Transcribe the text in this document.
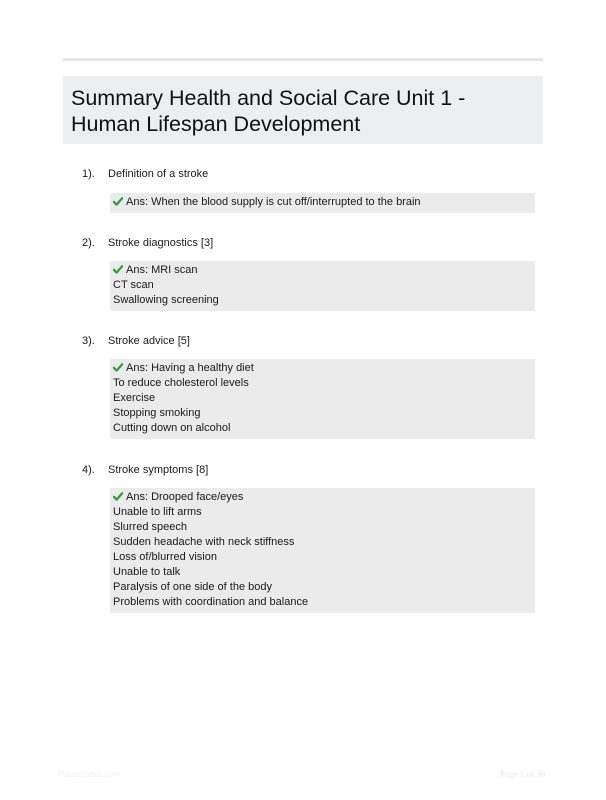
Summary Health and Social Care Unit 1 - Human Lifespan Development
1). Definition of a stroke
Ans: When the blood supply is cut off/interrupted to the brain
2). Stroke diagnostics [3]
Ans: MRI scan
CT scan
Swallowing screening
3). Stroke advice [5]
Ans: Having a healthy diet
To reduce cholesterol levels
Exercise
Stopping smoking
Cutting down on alcohol
4). Stroke symptoms [8]
Ans: Drooped face/eyes
Unable to lift arms
Slurred speech
Sudden headache with neck stiffness
Loss of/blurred vision
Unable to talk
Paralysis of one side of the body
Problems with coordination and balance
PaperSibis.com	Page 1 of 36
